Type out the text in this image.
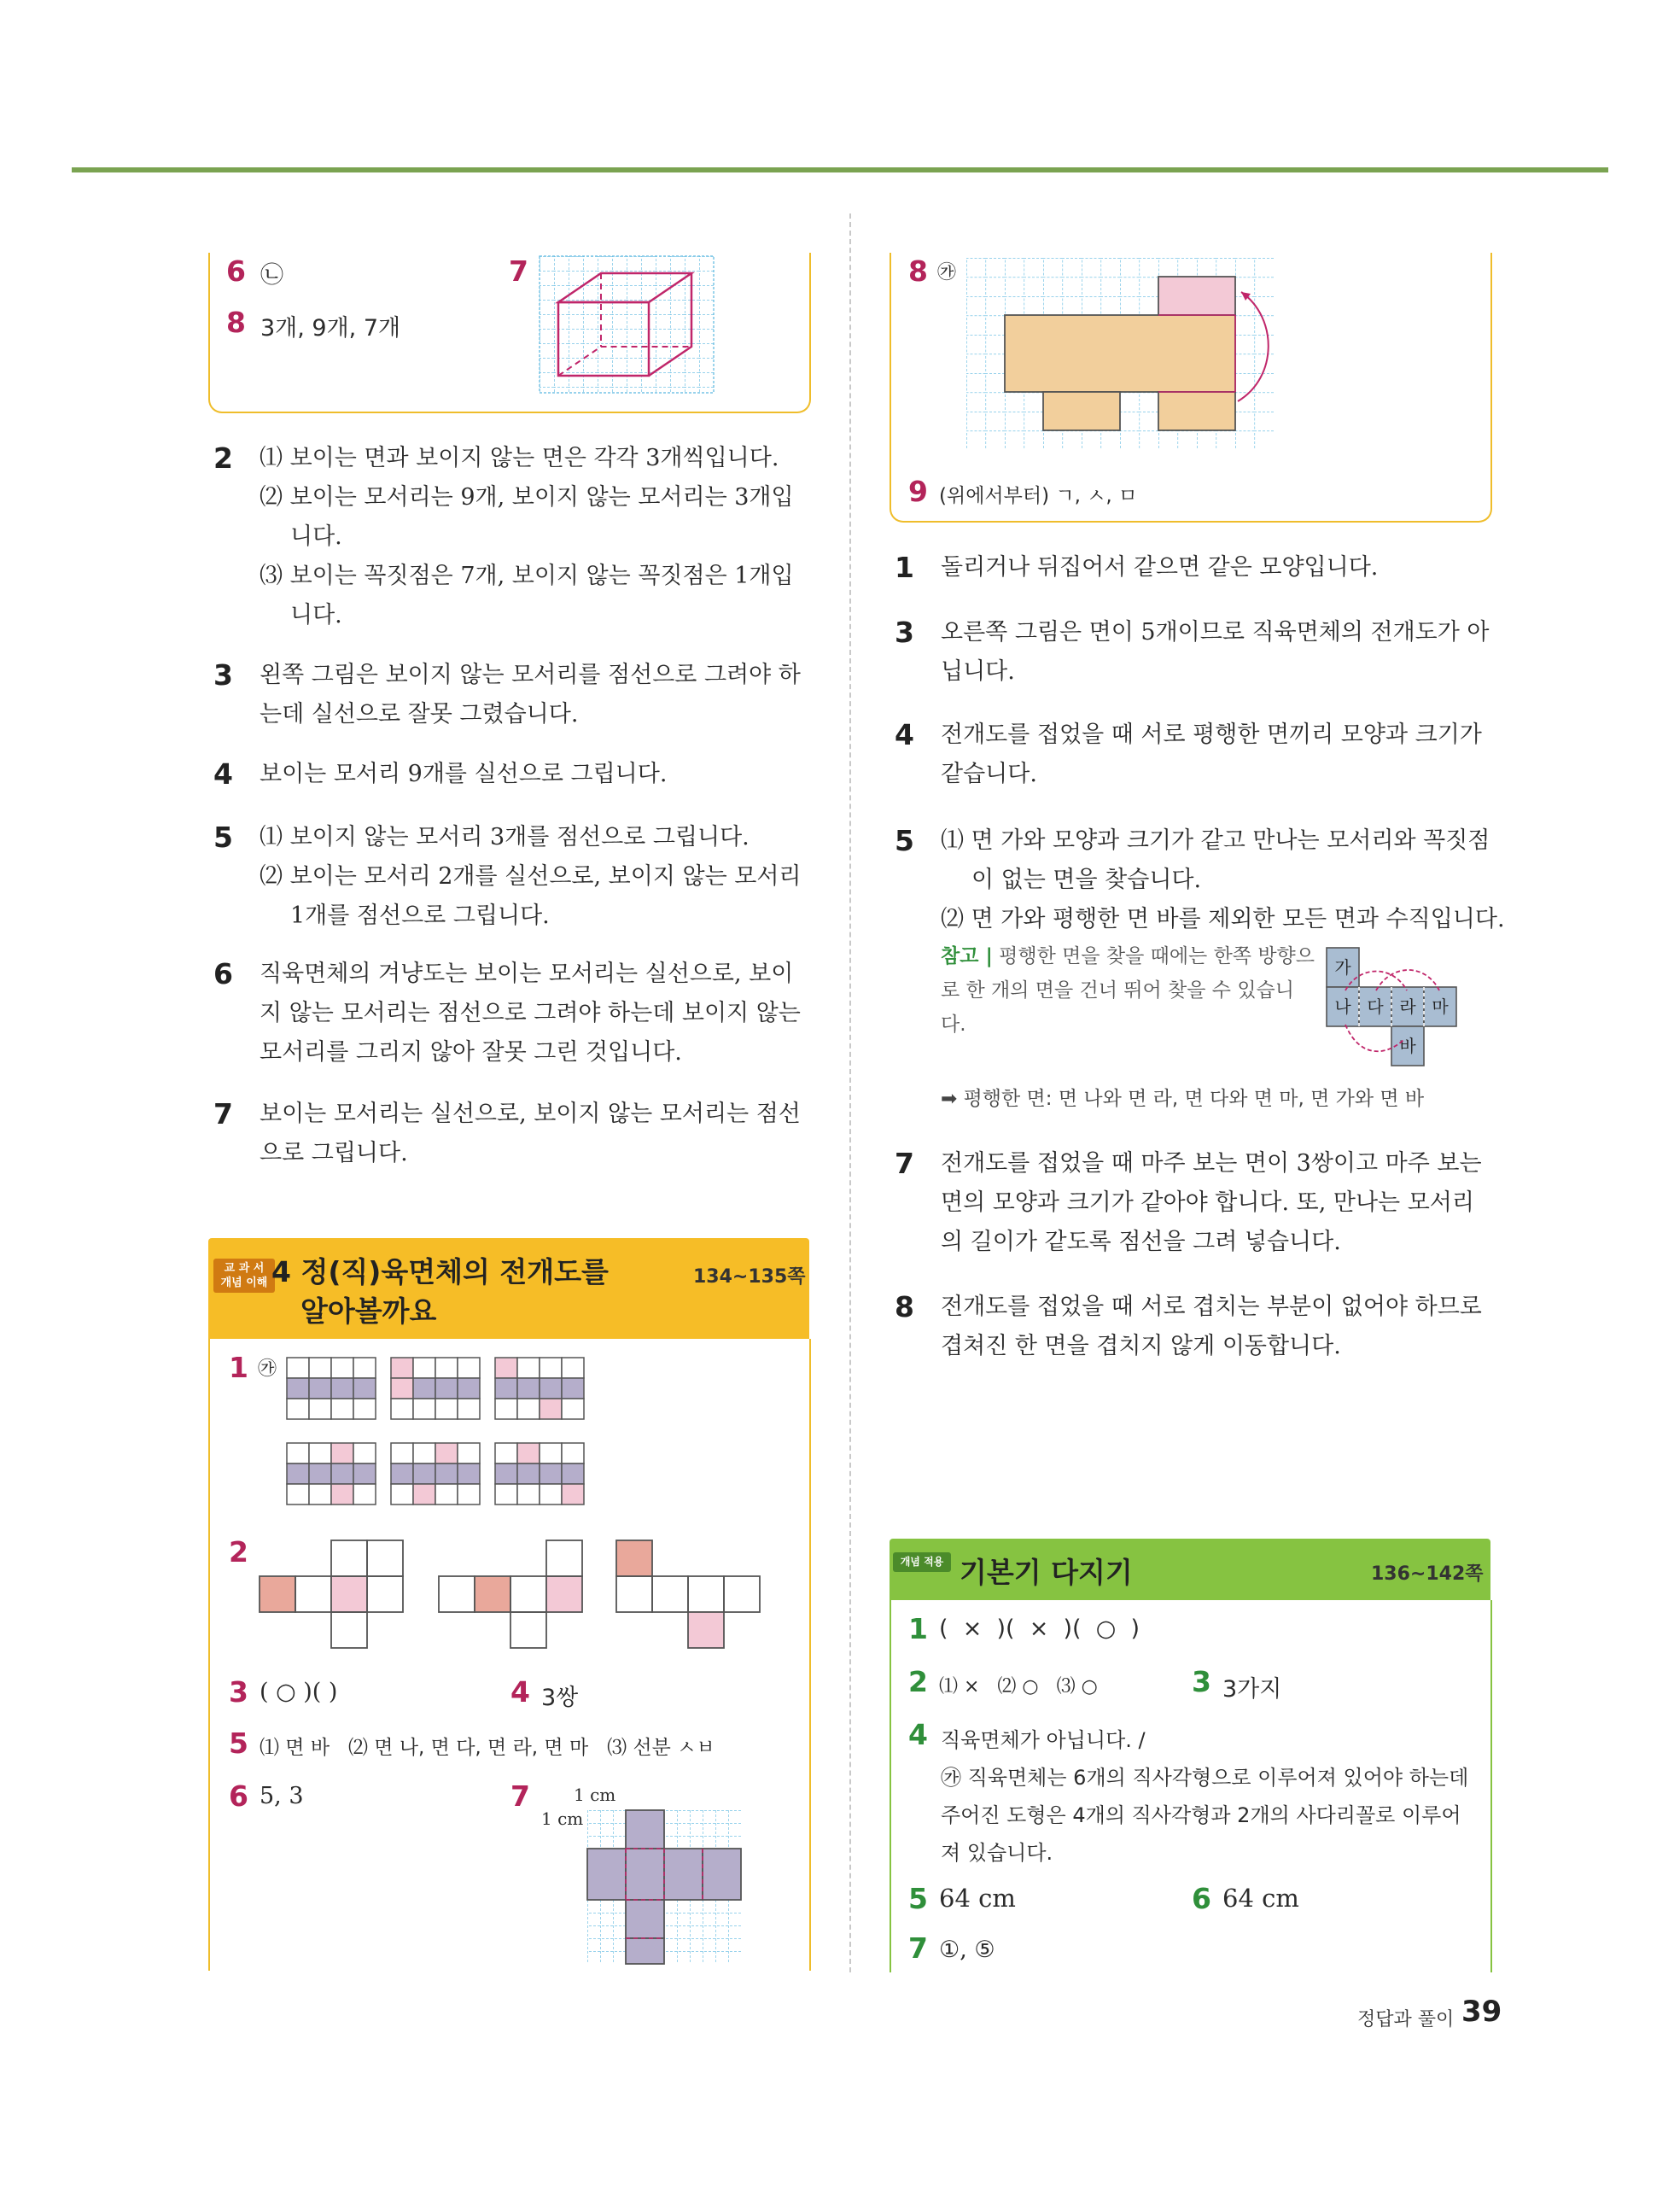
6 ㉡
8 3개, 9개, 7개
7
2 ⑴ 보이는 면과 보이지 않는 면은 각각 3개씩입니다.
⑵ 보이는 모서리는 9개, 보이지 않는 모서리는 3개입니다.
⑶ 보이는 꼭짓점은 7개, 보이지 않는 꼭짓점은 1개입니다.
3 왼쪽 그림은 보이지 않는 모서리를 점선으로 그려야 하는데 실선으로 잘못 그렸습니다.
4 보이는 모서리 9개를 실선으로 그립니다.
5 ⑴ 보이지 않는 모서리 3개를 점선으로 그립니다.
⑵ 보이는 모서리 2개를 실선으로, 보이지 않는 모서리 1개를 점선으로 그립니다.
6 직육면체의 겨냥도는 보이는 모서리는 실선으로, 보이지 않는 모서리는 점선으로 그려야 하는데 보이지 않는 모서리를 그리지 않아 잘못 그린 것입니다.
7 보이는 모서리는 실선으로, 보이지 않는 모서리는 점선으로 그립니다.
교 과 서
개념 이해 4 정(직)육면체의 전개도를
알아볼까요
134~135쪽
1 ㉮
2
3 ( ○ )( )	4 3쌍
5 ⑴ 면 바   ⑵ 면 나, 면 다, 면 라, 면 마   ⑶ 선분 ㅅㅂ
6 5, 3	7	1 cm
1 cm
8 ㉮
9 (위에서부터) ㄱ, ㅅ, ㅁ
1 돌리거나 뒤집어서 같으면 같은 모양입니다.
3 오른쪽 그림은 면이 5개이므로 직육면체의 전개도가 아닙니다.
4 전개도를 접었을 때 서로 평행한 면끼리 모양과 크기가 같습니다.
5 ⑴ 면 가와 모양과 크기가 같고 만나는 모서리와 꼭짓점이 없는 면을 찾습니다.
⑵ 면 가와 평행한 면 바를 제외한 모든 면과 수직입니다.
참고 | 평행한 면을 찾을 때에는 한쪽 방향으로 한 개의 면을 건너 뛰어 찾을 수 있습니다.
가
나 다 라 마
바
➡ 평행한 면: 면 나와 면 라, 면 다와 면 마, 면 가와 면 바
7 전개도를 접었을 때 마주 보는 면이 3쌍이고 마주 보는 면의 모양과 크기가 같아야 합니다. 또, 만나는 모서리의 길이가 같도록 점선을 그려 넣습니다.
8 전개도를 접었을 때 서로 겹치는 부분이 없어야 하므로 겹쳐진 한 면을 겹치지 않게 이동합니다.
개념 적용 기본기 다지기	136~142쪽
1 (  ×  )(  ×  )(  ○  )
2 ⑴ ×   ⑵ ○   ⑶ ○	3 3가지
4 직육면체가 아닙니다. /
㉮ 직육면체는 6개의 직사각형으로 이루어져 있어야 하는데 주어진 도형은 4개의 직사각형과 2개의 사다리꼴로 이루어져 있습니다.
5 64 cm	6 64 cm
7 ①, ⑤
정답과 풀이 39
